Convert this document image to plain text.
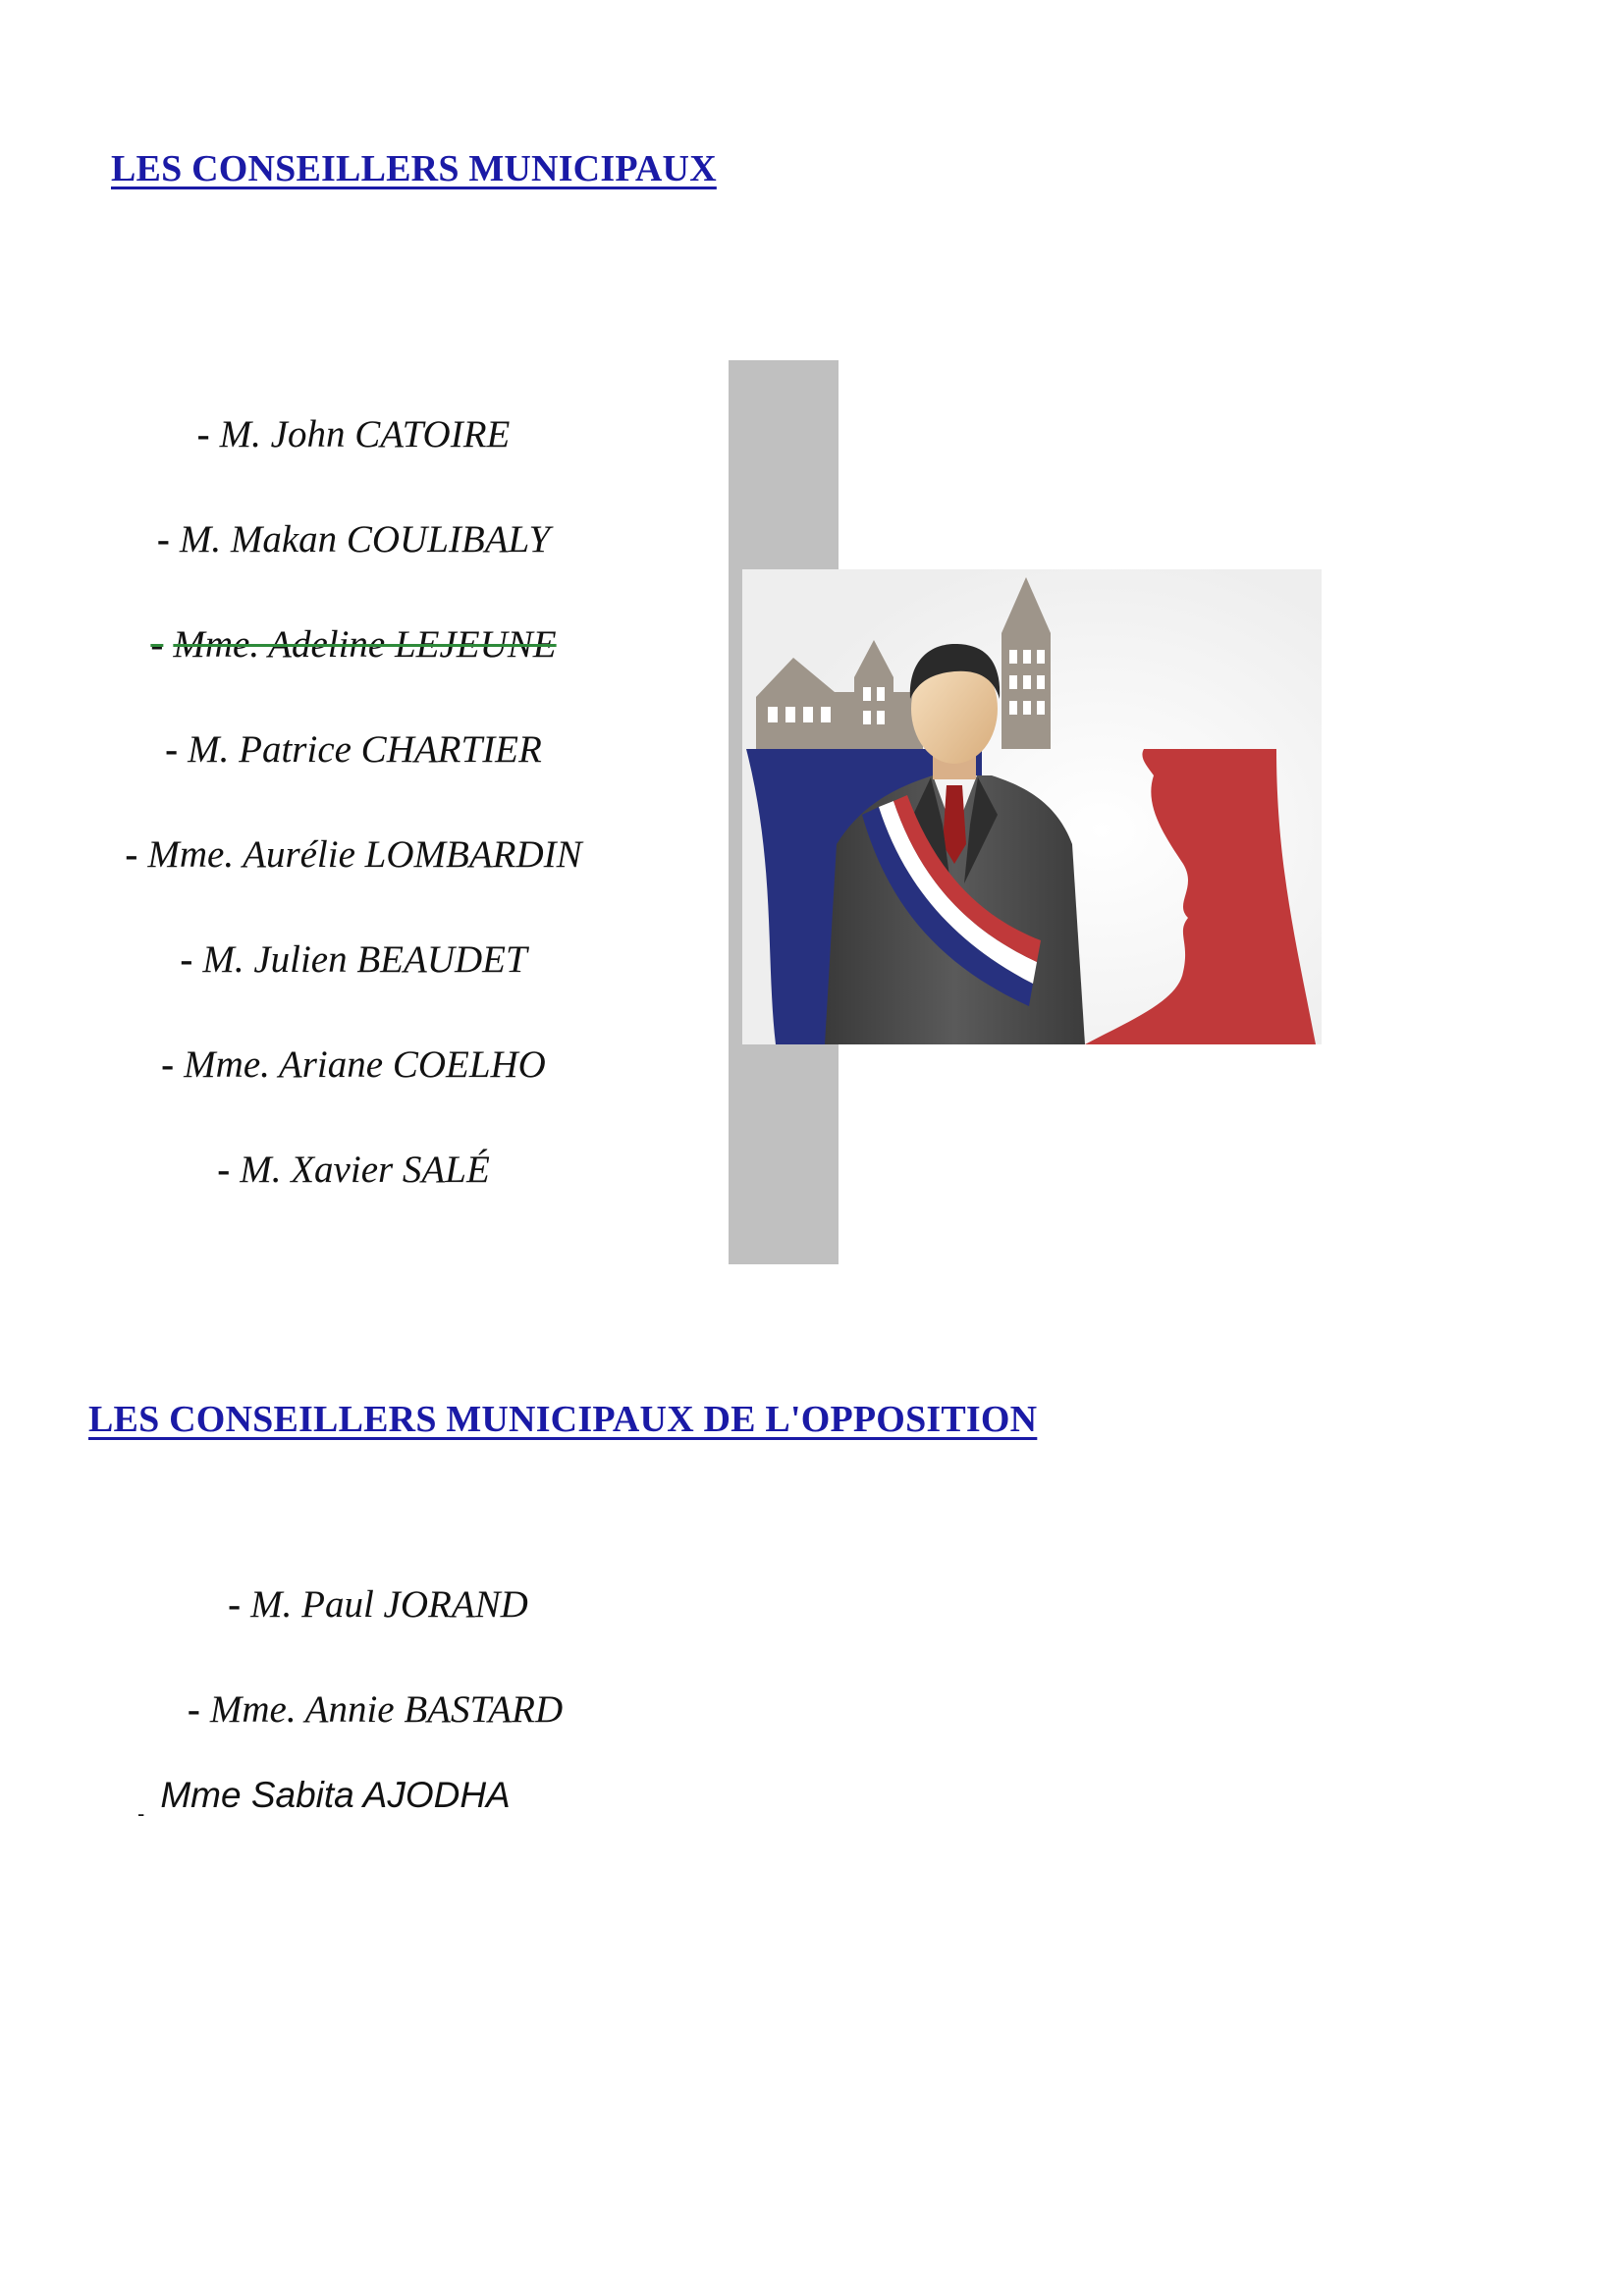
LES CONSEILLERS MUNICIPAUX
LES CONSEILLERS MUNICIPAUX DE L'OPPOSITION
- M. John CATOIRE
- M. Makan COULIBALY
- Mme. Adeline LEJEUNE
- M. Patrice CHARTIER
- Mme. Aurélie LOMBARDIN
- M. Julien BEAUDET
- Mme. Ariane COELHO
- M. Xavier SALÉ
- M. Paul JORAND
- Mme. Annie BASTARD
$_-$ Mme Sabita AJODHA
